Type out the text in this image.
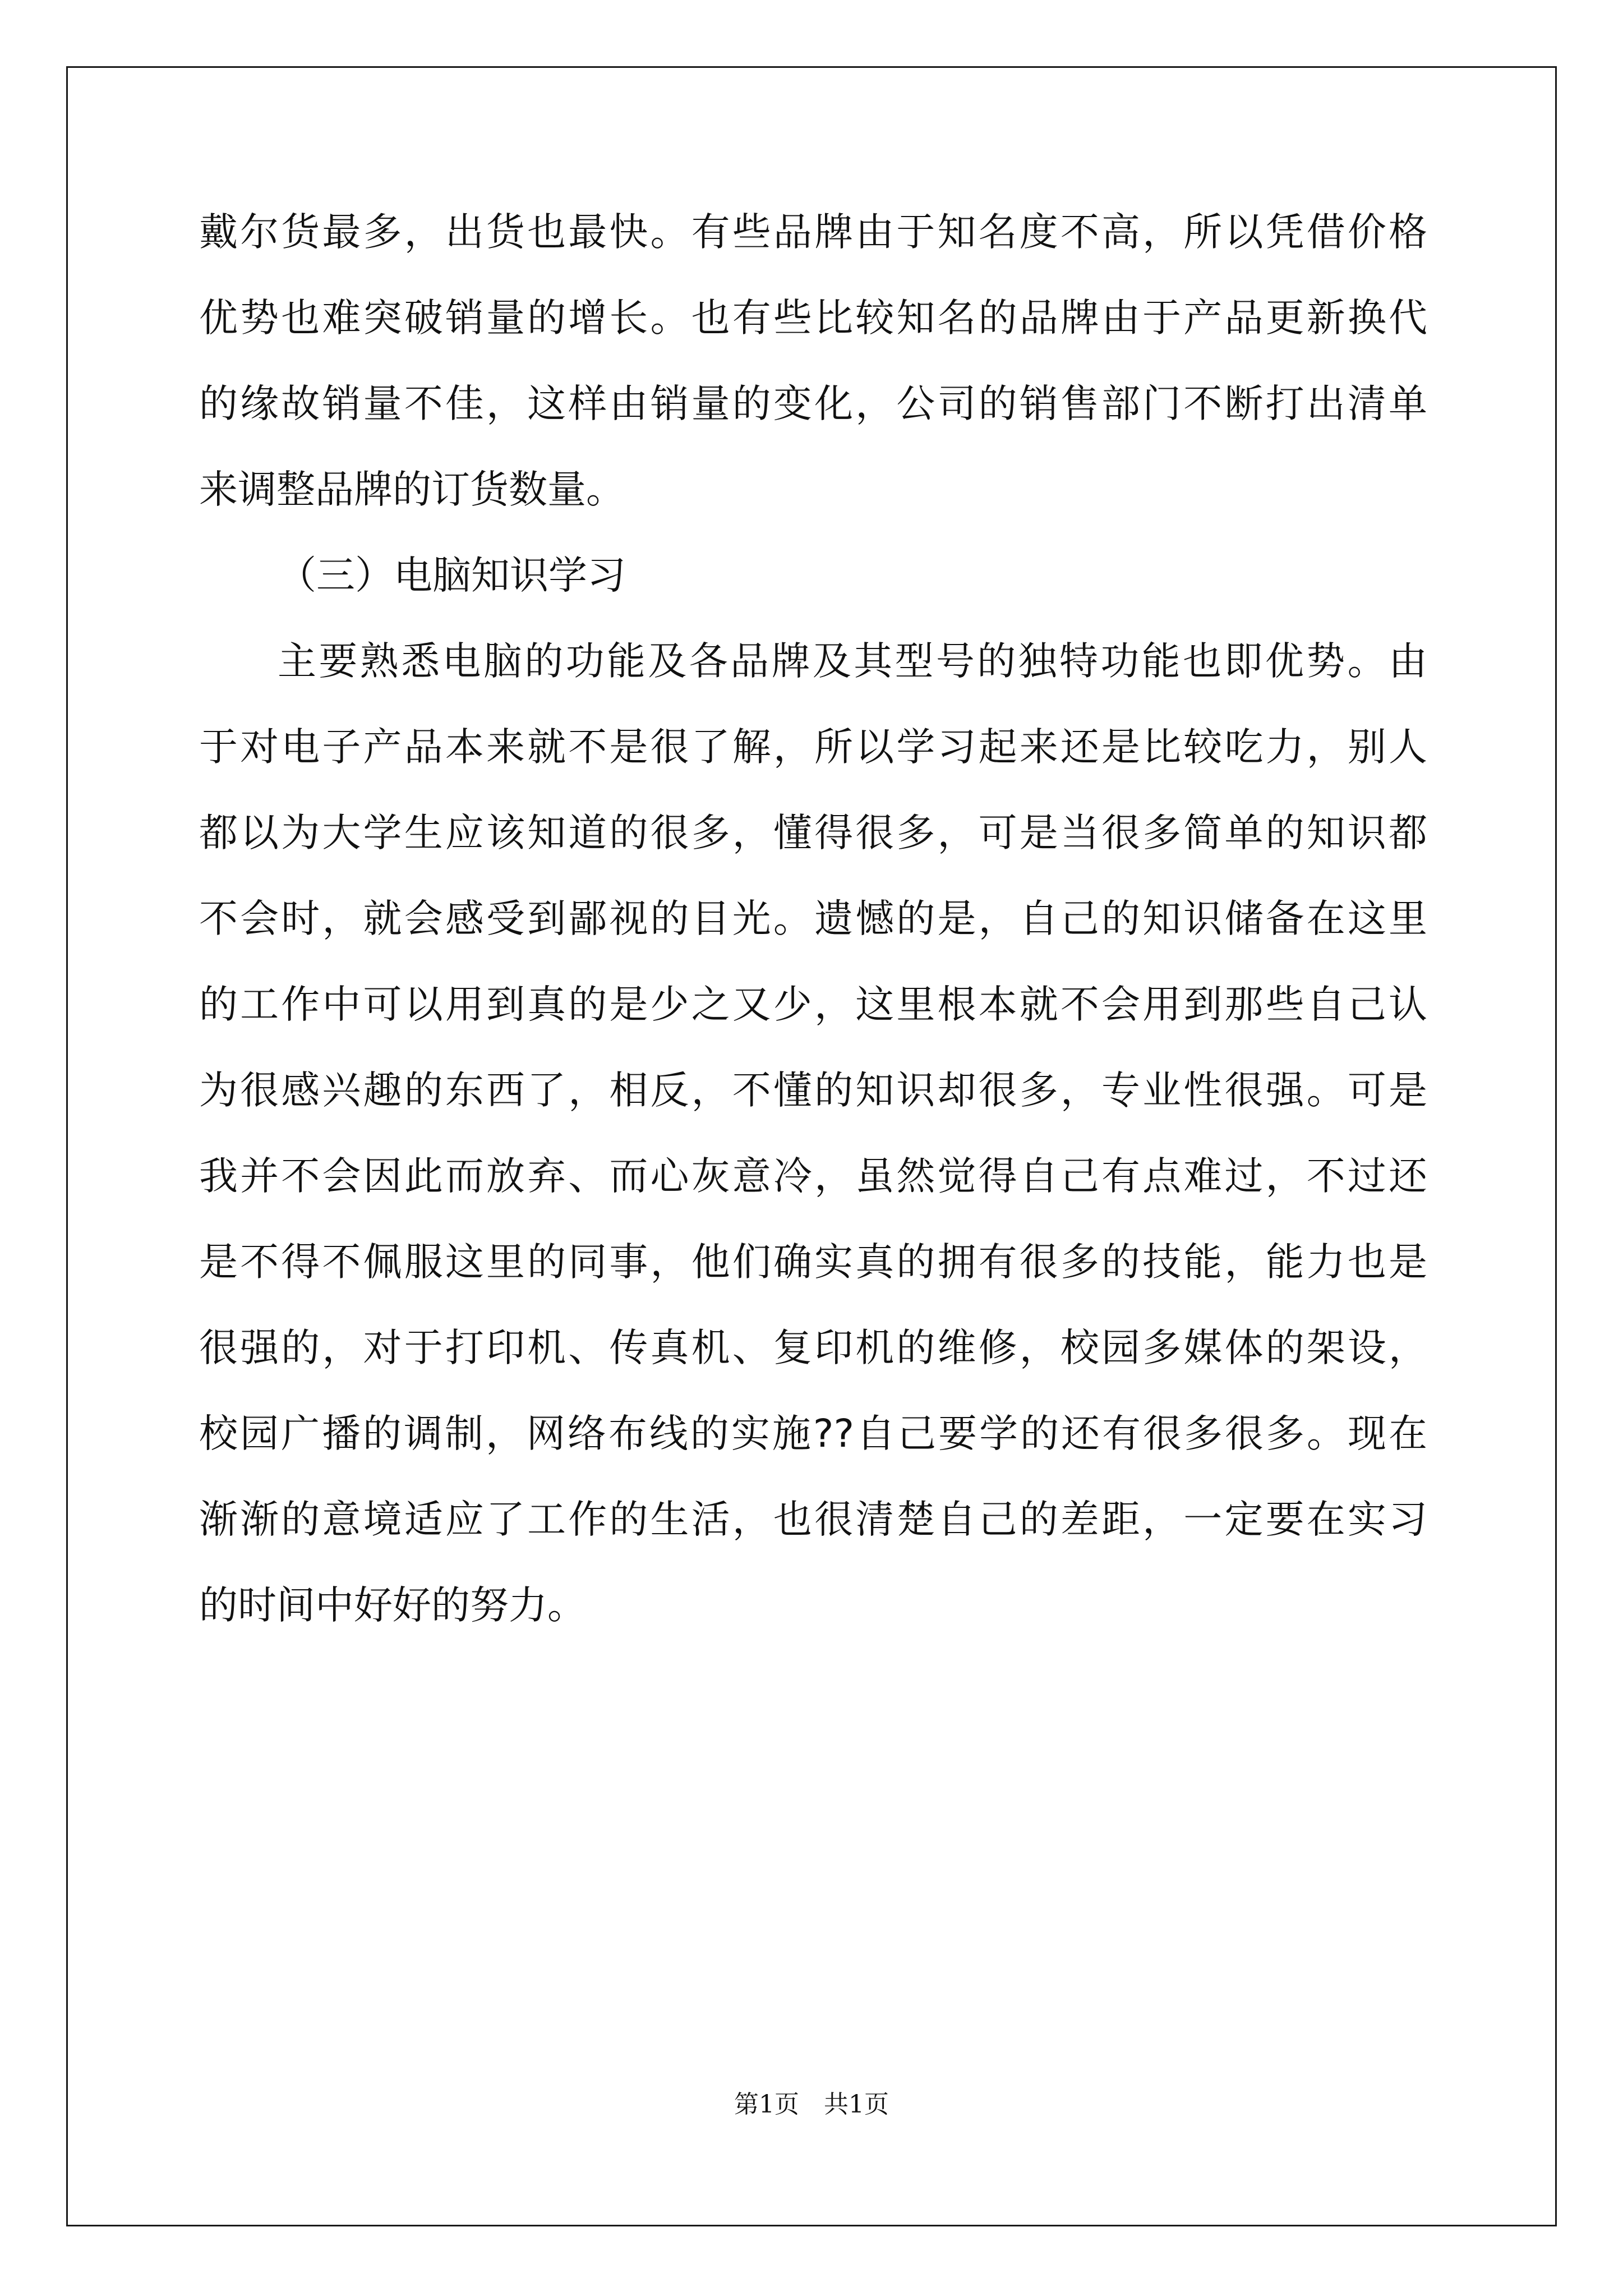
戴尔货最多，出货也最快。有些品牌由于知名度不高，所以凭借价格
优势也难突破销量的增长。也有些比较知名的品牌由于产品更新换代
的缘故销量不佳，这样由销量的变化，公司的销售部门不断打出清单
来调整品牌的订货数量。
（三）电脑知识学习
主要熟悉电脑的功能及各品牌及其型号的独特功能也即优势。由
于对电子产品本来就不是很了解，所以学习起来还是比较吃力，别人
都以为大学生应该知道的很多，懂得很多，可是当很多简单的知识都
不会时，就会感受到鄙视的目光。遗憾的是，自己的知识储备在这里
的工作中可以用到真的是少之又少，这里根本就不会用到那些自己认
为很感兴趣的东西了，相反，不懂的知识却很多，专业性很强。可是
我并不会因此而放弃、而心灰意冷，虽然觉得自己有点难过，不过还
是不得不佩服这里的同事，他们确实真的拥有很多的技能，能力也是
很强的，对于打印机、传真机、复印机的维修，校园多媒体的架设，
校园广播的调制，网络布线的实施??自己要学的还有很多很多。现在
渐渐的意境适应了工作的生活，也很清楚自己的差距，一定要在实习
的时间中好好的努力。
第1页　共1页
